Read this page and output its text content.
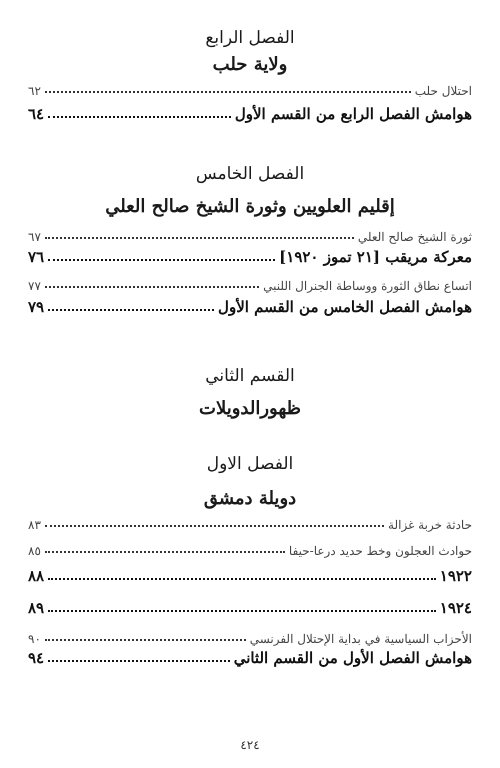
الفصل الرابع
ولاية حلب
احتلال حلب
٦٢
هوامش الفصل الرابع من القسم الأول
٦٤
الفصل الخامس
إقليم العلويين وثورة الشيخ صالح العلي
ثورة الشيخ صالح العلي
٦٧
معركة مريقب [٢١ تموز ١٩٢٠]
٧٦
اتساع نطاق الثورة ووساطة الجنرال اللنبي
٧٧
هوامش الفصل الخامس من القسم الأول
٧٩
القسم الثاني
ظهورالدويلات
الفصل الاول
دويلة دمشق
حادثة خربة غزالة
٨٣
حوادث العجلون وخط حديد درعا-حيفا
٨٥
١٩٢٢
٨٨
١٩٢٤
٨٩
الأحزاب السياسية في بداية الإحتلال الفرنسي
٩٠
هوامش الفصل الأول من القسم الثاني
٩٤
٤٢٤
